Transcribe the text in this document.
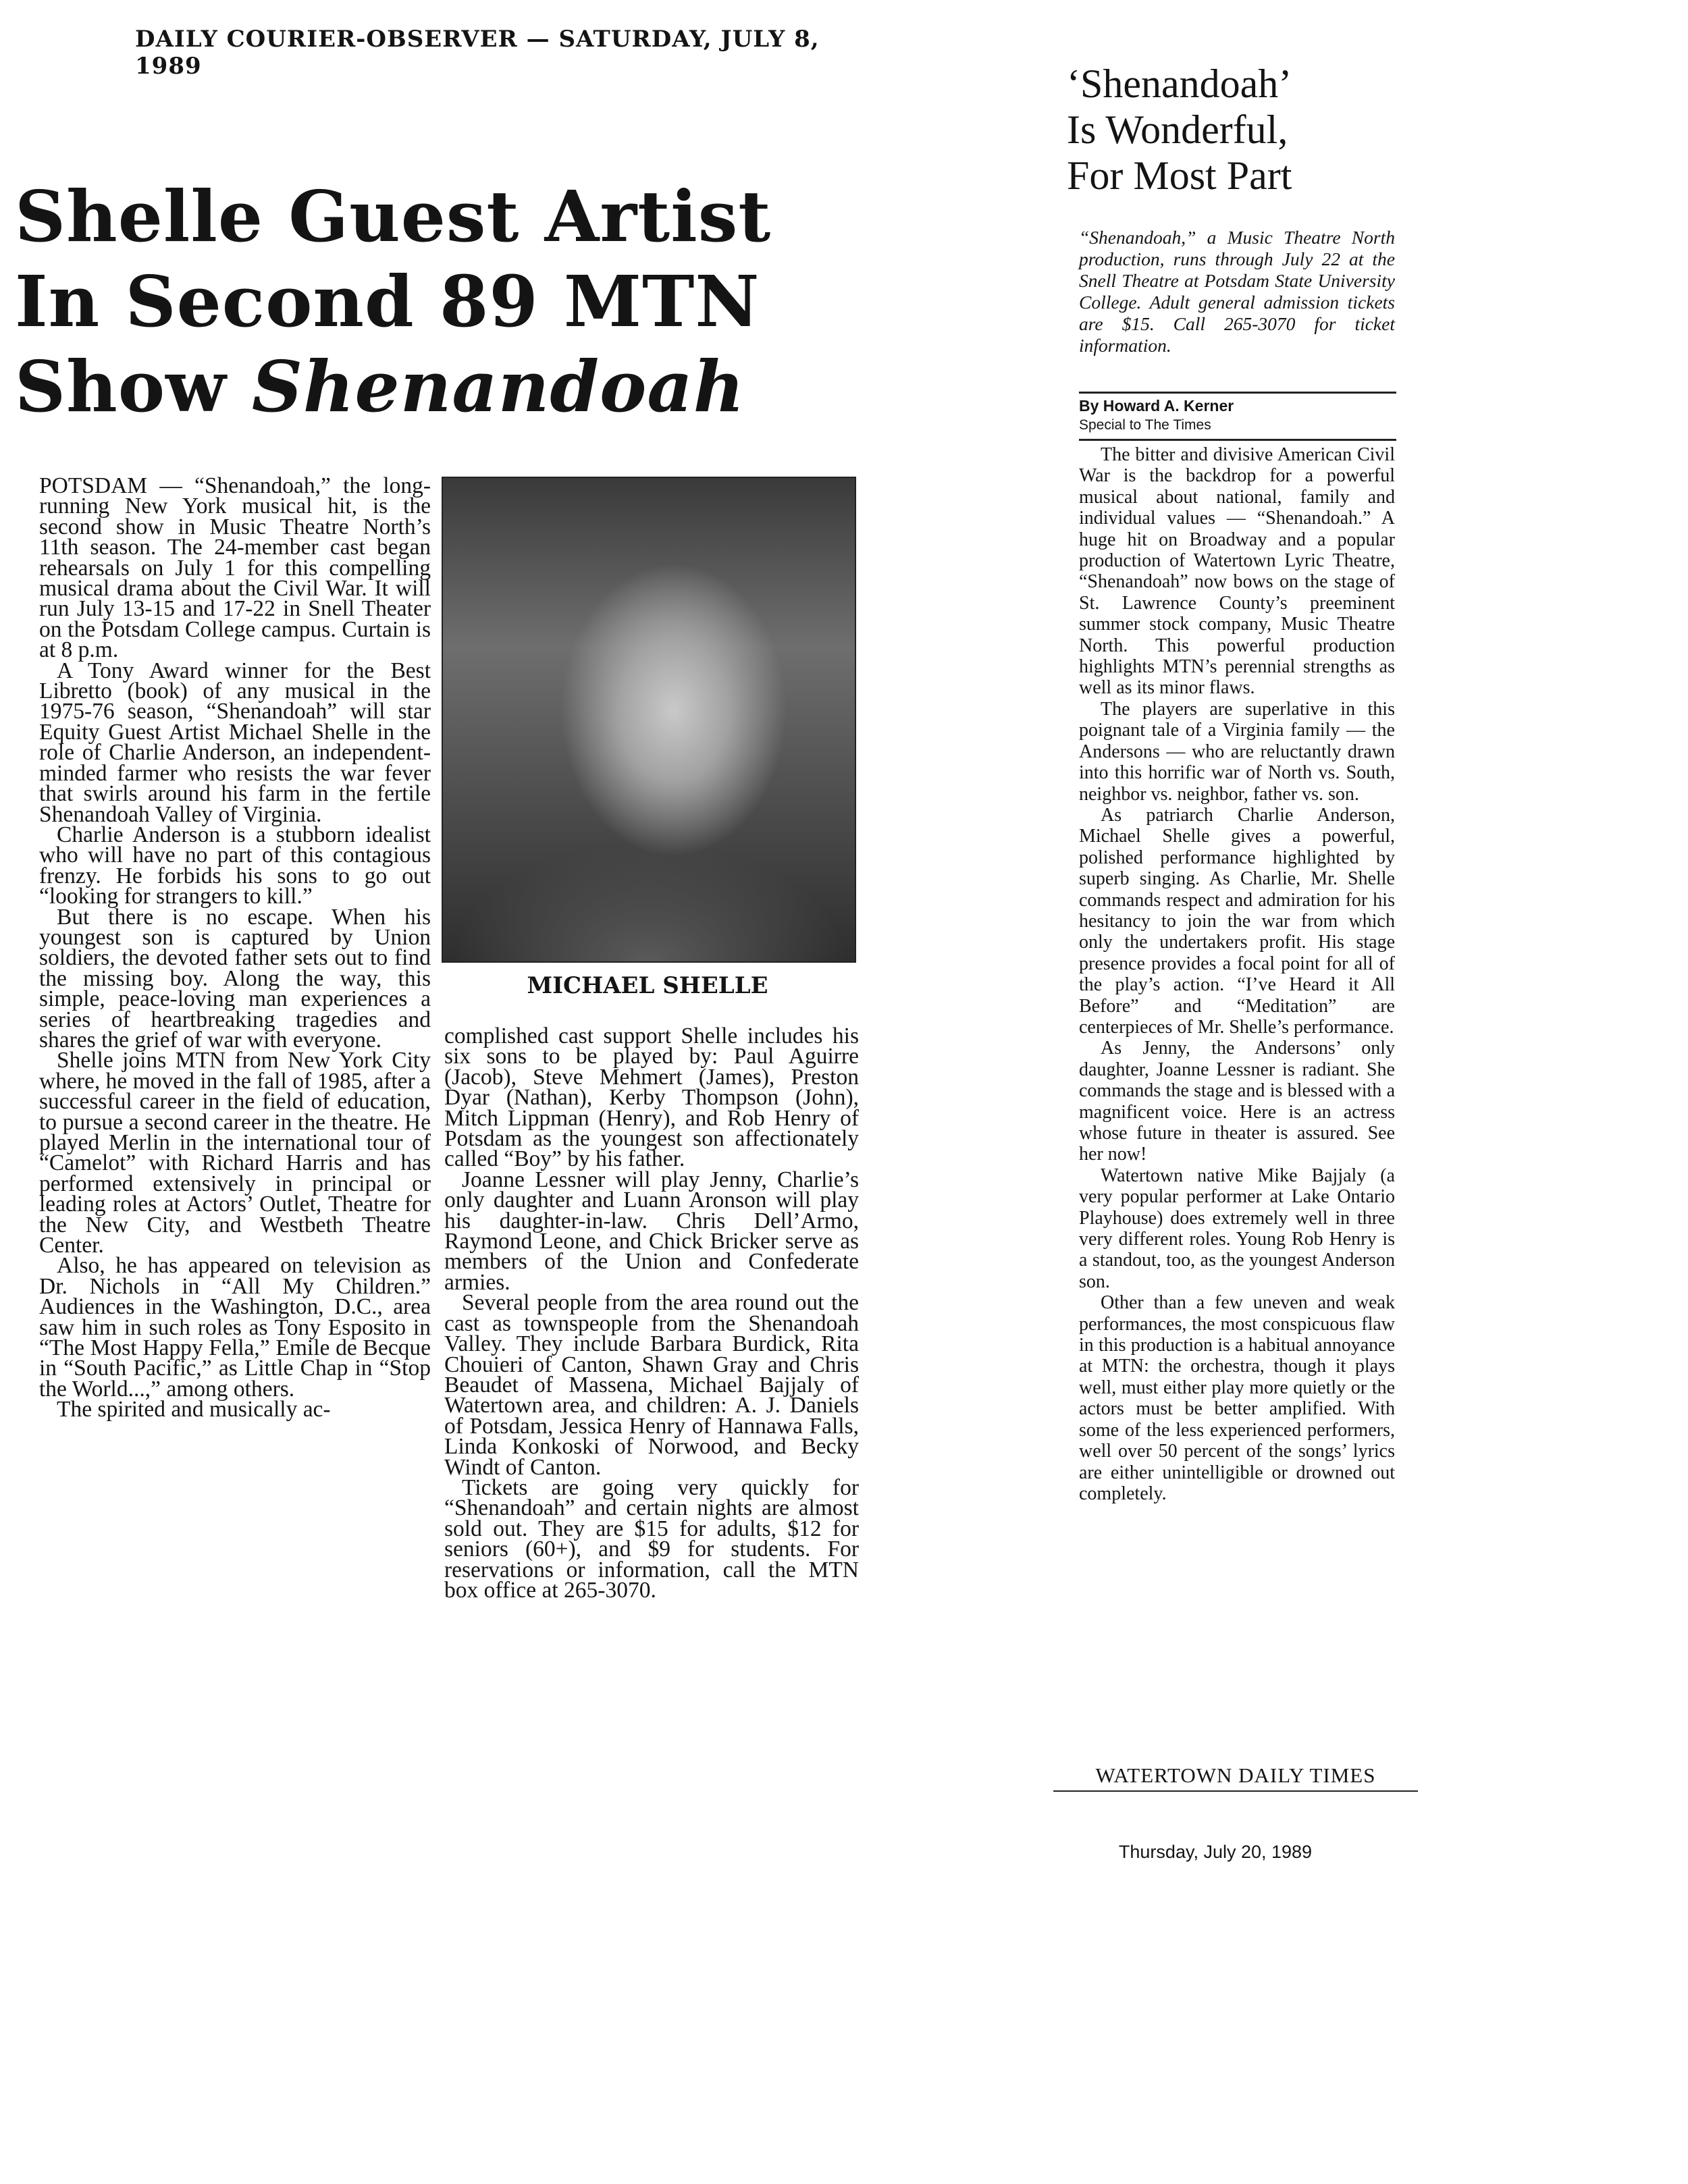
DAILY COURIER-OBSERVER — SATURDAY, JULY 8, 1989
Shelle Guest Artist
In Second 89 MTN
Show Shenandoah

POTSDAM — “Shenandoah,” the long-running New York musical hit, is the second show in Music Theatre North’s 11th season. The 24-member cast began rehearsals on July 1 for this compelling musical drama about the Civil War. It will run July 13-15 and 17-22 in Snell Theater on the Potsdam College campus. Curtain is at 8 p.m.

A Tony Award winner for the Best Libretto (book) of any musical in the 1975-76 season, “Shenandoah” will star Equity Guest Artist Michael Shelle in the role of Charlie Anderson, an independent-minded farmer who resists the war fever that swirls around his farm in the fertile Shenandoah Valley of Virginia.

Charlie Anderson is a stubborn idealist who will have no part of this contagious frenzy. He forbids his sons to go out “looking for strangers to kill.”

But there is no escape. When his youngest son is captured by Union soldiers, the devoted father sets out to find the missing boy. Along the way, this simple, peace-loving man experiences a series of heartbreaking tragedies and shares the grief of war with everyone.

Shelle joins MTN from New York City where, he moved in the fall of 1985, after a successful career in the field of education, to pursue a second career in the theatre. He played Merlin in the international tour of “Camelot” with Richard Harris and has performed extensively in principal or leading roles at Actors’ Outlet, Theatre for the New City, and Westbeth Theatre Center.

Also, he has appeared on television as Dr. Nichols in “All My Children.” Audiences in the Washington, D.C., area saw him in such roles as Tony Esposito in “The Most Happy Fella,” Emile de Becque in “South Pacific,” as Little Chap in “Stop the World...,” among others.

The spirited and musically ac-

MICHAEL SHELLE

complished cast support Shelle includes his six sons to be played by: Paul Aguirre (Jacob), Steve Mehmert (James), Preston Dyar (Nathan), Kerby Thompson (John), Mitch Lippman (Henry), and Rob Henry of Potsdam as the youngest son affectionately called “Boy” by his father.

Joanne Lessner will play Jenny, Charlie’s only daughter and Luann Aronson will play his daughter-in-law. Chris Dell’Armo, Raymond Leone, and Chick Bricker serve as members of the Union and Confederate armies.

Several people from the area round out the cast as townspeople from the Shenandoah Valley. They include Barbara Burdick, Rita Chouieri of Canton, Shawn Gray and Chris Beaudet of Massena, Michael Bajjaly of Watertown area, and children: A. J. Daniels of Potsdam, Jessica Henry of Hannawa Falls, Linda Konkoski of Norwood, and Becky Windt of Canton.

Tickets are going very quickly for “Shenandoah” and certain nights are almost sold out. They are $15 for adults, $12 for seniors (60+), and $9 for students. For reservations or information, call the MTN box office at 265-3070.

‘Shenandoah’
Is Wonderful,
For Most Part
“Shenandoah,” a Music Theatre North production, runs through July 22 at the Snell Theatre at Potsdam State University College. Adult general admission tickets are $15. Call 265-3070 for ticket information.
By Howard A. Kerner
Special to The Times

The bitter and divisive American Civil War is the backdrop for a powerful musical about national, family and individual values — “Shenandoah.” A huge hit on Broadway and a popular production of Watertown Lyric Theatre, “Shenandoah” now bows on the stage of St. Lawrence County’s preeminent summer stock company, Music Theatre North. This powerful production highlights MTN’s perennial strengths as well as its minor flaws.

The players are superlative in this poignant tale of a Virginia family — the Andersons — who are reluctantly drawn into this horrific war of North vs. South, neighbor vs. neighbor, father vs. son.

As patriarch Charlie Anderson, Michael Shelle gives a powerful, polished performance highlighted by superb singing. As Charlie, Mr. Shelle commands respect and admiration for his hesitancy to join the war from which only the undertakers profit. His stage presence provides a focal point for all of the play’s action. “I’ve Heard it All Before” and “Meditation” are centerpieces of Mr. Shelle’s performance.

As Jenny, the Andersons’ only daughter, Joanne Lessner is radiant. She commands the stage and is blessed with a magnificent voice. Here is an actress whose future in theater is assured. See her now!

Watertown native Mike Bajjaly (a very popular performer at Lake Ontario Playhouse) does extremely well in three very different roles. Young Rob Henry is a standout, too, as the youngest Anderson son.

Other than a few uneven and weak performances, the most conspicuous flaw in this production is a habitual annoyance at MTN: the orchestra, though it plays well, must either play more quietly or the actors must be better amplified. With some of the less experienced performers, well over 50 percent of the songs’ lyrics are either unintelligible or drowned out completely.

WATERTOWN DAILY TIMES
Thursday, July 20, 1989
